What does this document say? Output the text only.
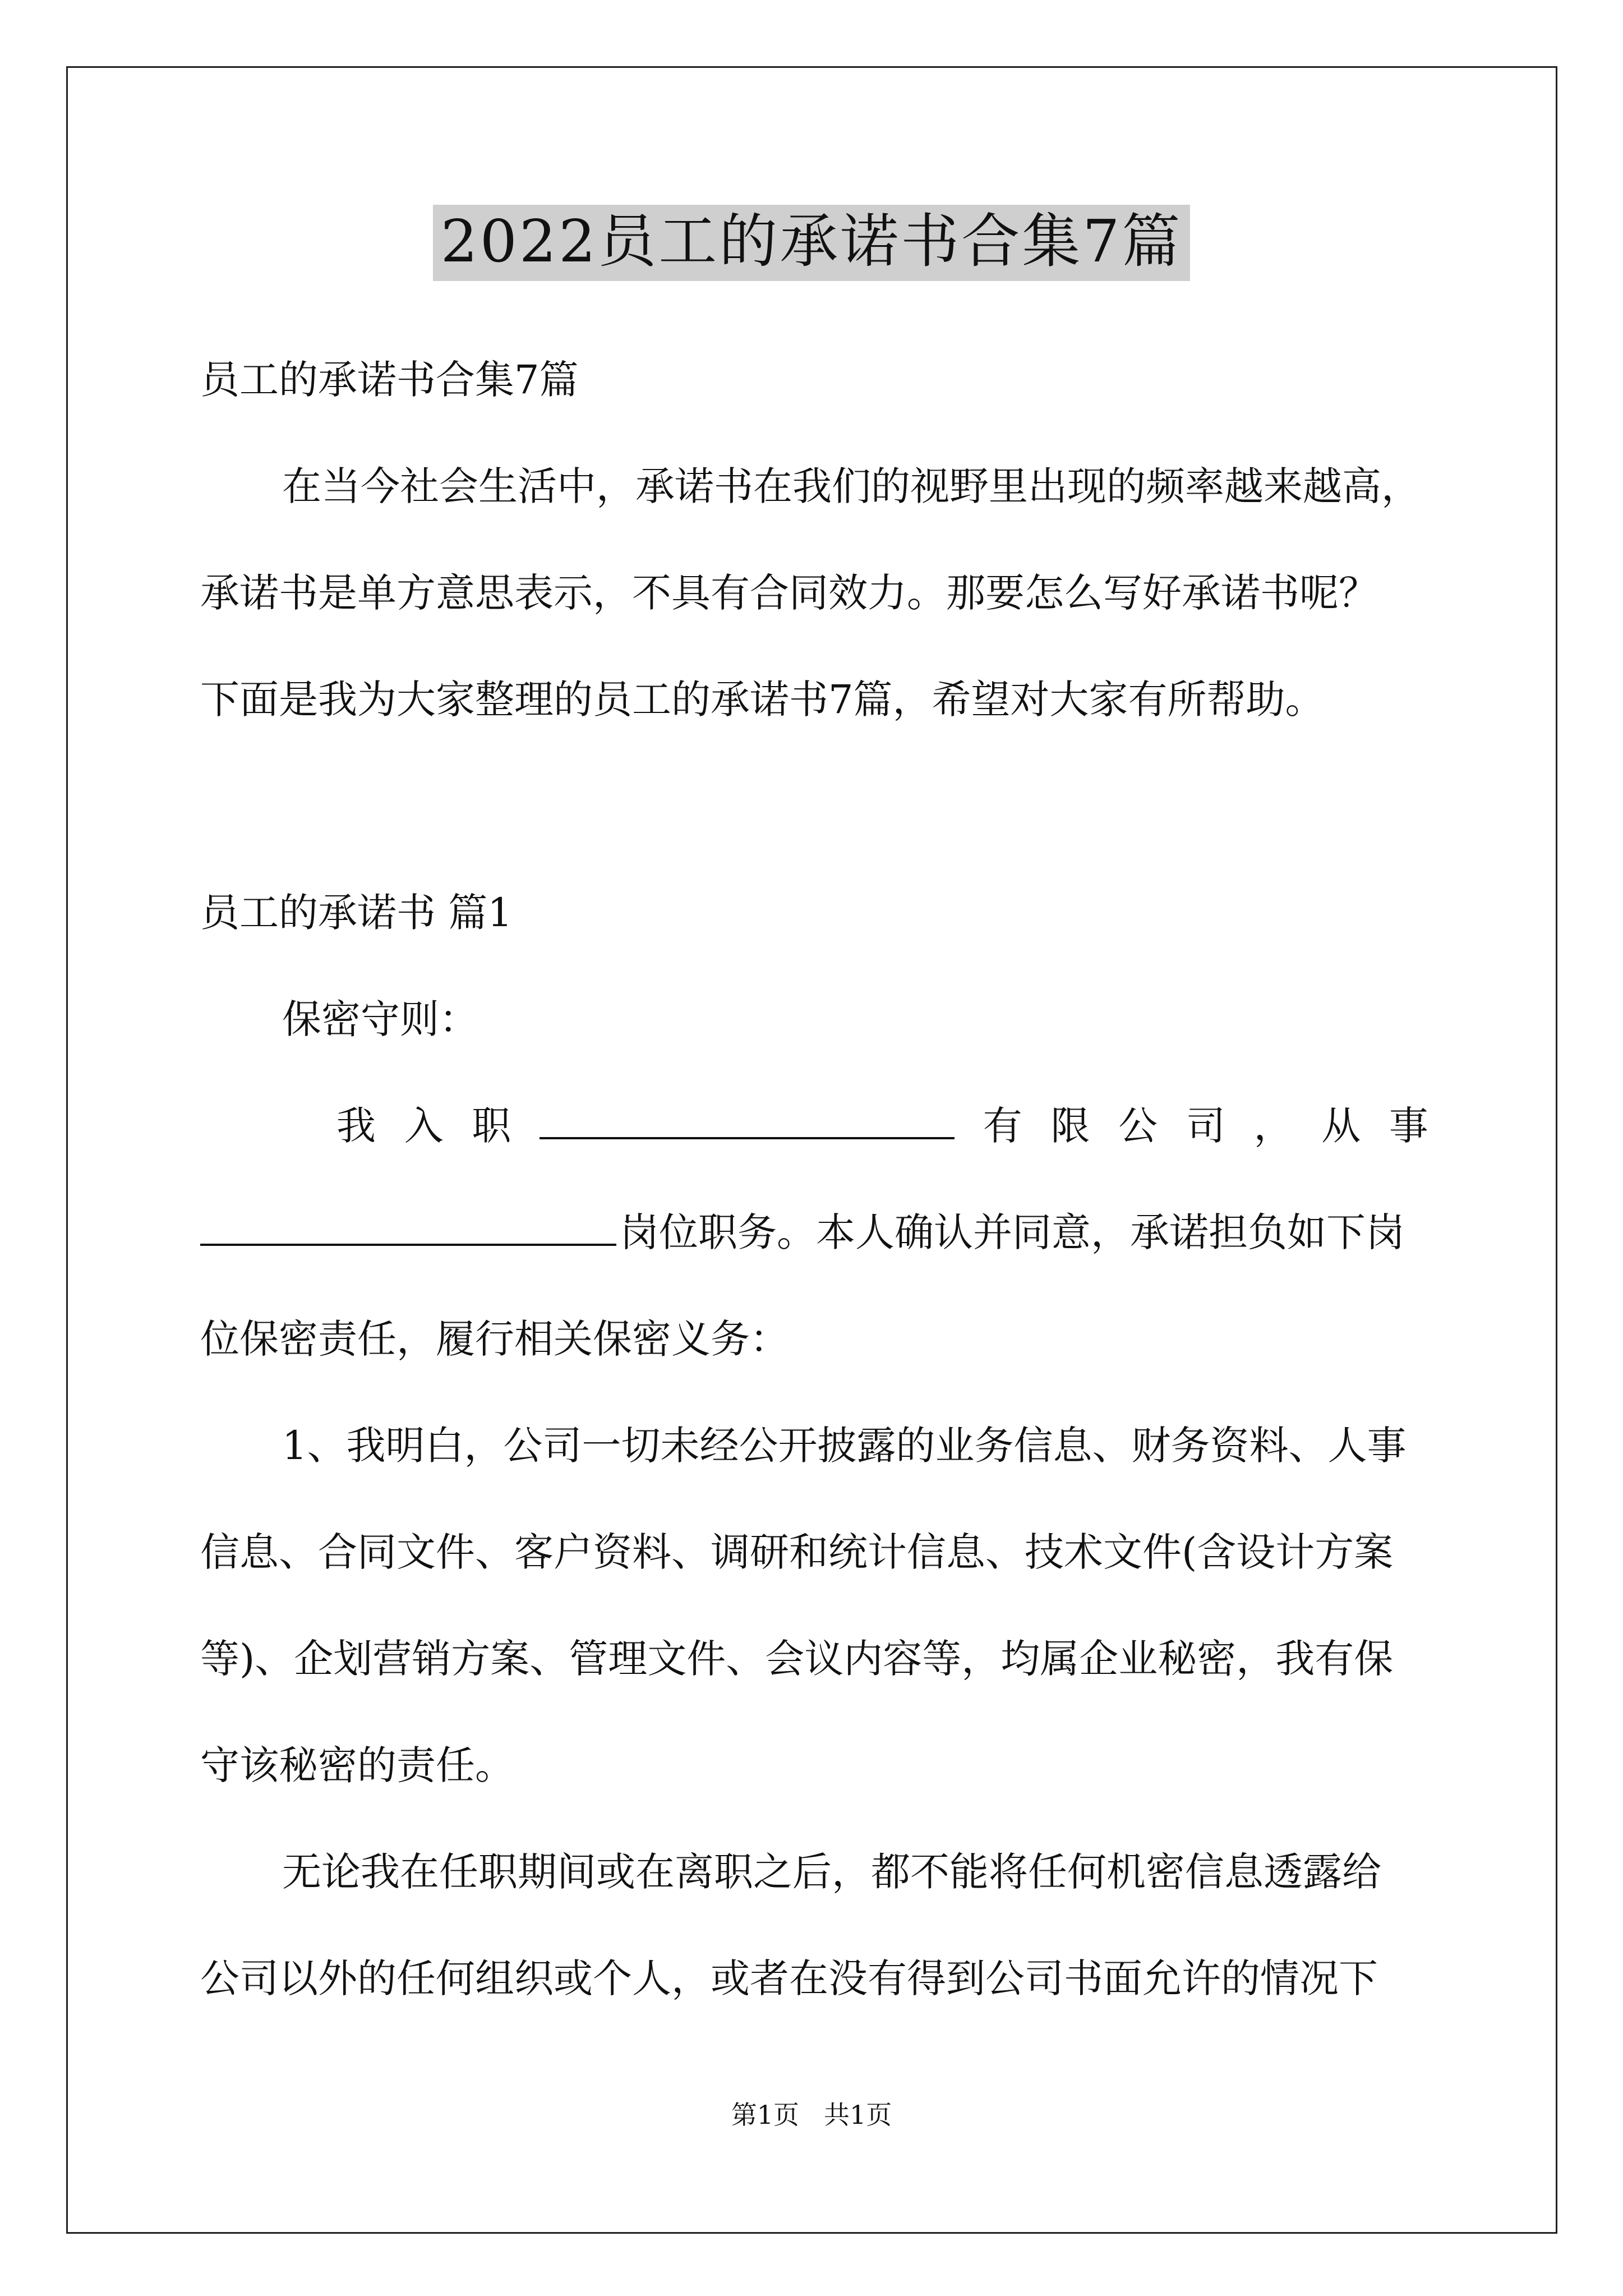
2022员工的承诺书合集7篇
员工的承诺书合集7篇
在当今社会生活中，承诺书在我们的视野里出现的频率越来越高，
承诺书是单方意思表示，不具有合同效力。那要怎么写好承诺书呢？
下面是我为大家整理的员工的承诺书7篇，希望对大家有所帮助。
员工的承诺书 篇1
保密守则：
我 入 职	有 限 公 司 ， 从 事
岗位职务。本人确认并同意，承诺担负如下岗
位保密责任，履行相关保密义务：
1、我明白，公司一切未经公开披露的业务信息、财务资料、人事
信息、合同文件、客户资料、调研和统计信息、技术文件(含设计方案
等)、企划营销方案、管理文件、会议内容等，均属企业秘密，我有保
守该秘密的责任。
无论我在任职期间或在离职之后，都不能将任何机密信息透露给
公司以外的任何组织或个人，或者在没有得到公司书面允许的情况下
第1页 共1页
